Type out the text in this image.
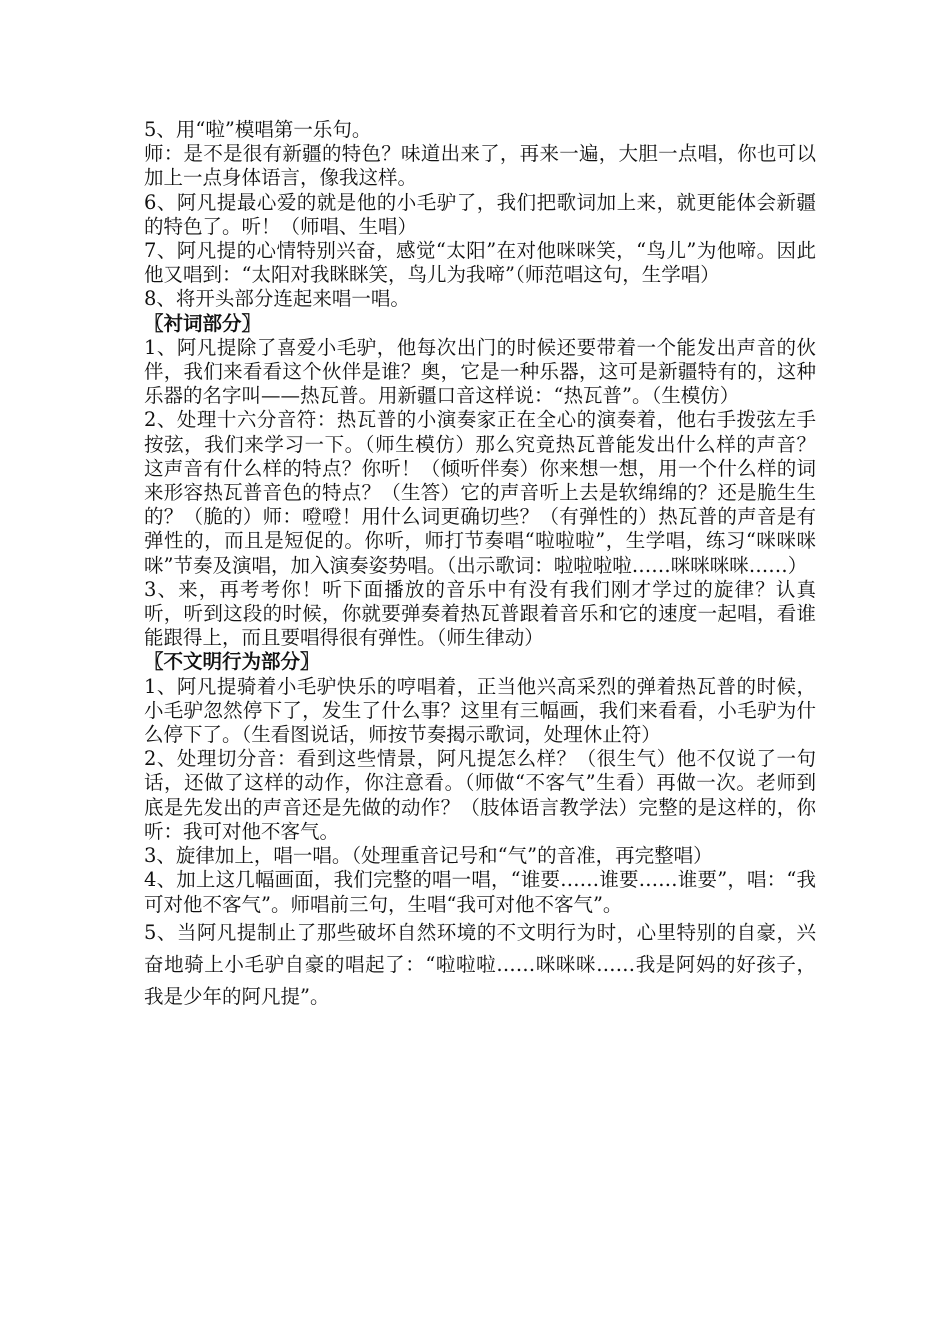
5、用“啦”模唱第一乐句。

师：是不是很有新疆的特色？味道出来了，再来一遍，大胆一点唱，你也可以加上一点身体语言，像我这样。

6、阿凡提最心爱的就是他的小毛驴了，我们把歌词加上来，就更能体会新疆的特色了。听！（师唱、生唱）

7、阿凡提的心情特别兴奋，感觉“太阳”在对他咪咪笑，“鸟儿”为他啼。因此他又唱到：“太阳对我眯眯笑，鸟儿为我啼”（师范唱这句，生学唱）

8、将开头部分连起来唱一唱。

〖衬词部分〗

1、阿凡提除了喜爱小毛驴，他每次出门的时候还要带着一个能发出声音的伙伴，我们来看看这个伙伴是谁？奥，它是一种乐器，这可是新疆特有的，这种乐器的名字叫——热瓦普。用新疆口音这样说：“热瓦普”。（生模仿）

2、处理十六分音符：热瓦普的小演奏家正在全心的演奏着，他右手拨弦左手按弦，我们来学习一下。（师生模仿）那么究竟热瓦普能发出什么样的声音？这声音有什么样的特点？你听！（倾听伴奏）你来想一想，用一个什么样的词来形容热瓦普音色的特点？（生答）它的声音听上去是软绵绵的？还是脆生生的？（脆的）师：噔噔！用什么词更确切些？（有弹性的）热瓦普的声音是有弹性的，而且是短促的。你听，师打节奏唱“啦啦啦”，生学唱，练习“咪咪咪咪”节奏及演唱，加入演奏姿势唱。（出示歌词：啦啦啦啦……咪咪咪咪……）

3、来，再考考你！听下面播放的音乐中有没有我们刚才学过的旋律？认真听，听到这段的时候，你就要弹奏着热瓦普跟着音乐和它的速度一起唱，看谁能跟得上，而且要唱得很有弹性。（师生律动）

〖不文明行为部分〗

1、阿凡提骑着小毛驴快乐的哼唱着，正当他兴高采烈的弹着热瓦普的时候，小毛驴忽然停下了，发生了什么事？这里有三幅画，我们来看看，小毛驴为什么停下了。（生看图说话，师按节奏揭示歌词，处理休止符）

2、处理切分音：看到这些情景，阿凡提怎么样？（很生气）他不仅说了一句话，还做了这样的动作，你注意看。（师做“不客气”生看）再做一次。老师到底是先发出的声音还是先做的动作？（肢体语言教学法）完整的是这样的，你听：我可对他不客气。

3、旋律加上，唱一唱。（处理重音记号和“气”的音准，再完整唱）

4、加上这几幅画面，我们完整的唱一唱，“谁要……谁要……谁要”，唱：“我可对他不客气”。师唱前三句，生唱“我可对他不客气”。

5、当阿凡提制止了那些破坏自然环境的不文明行为时，心里特别的自豪，兴奋地骑上小毛驴自豪的唱起了：“啦啦啦……咪咪咪……我是阿妈的好孩子，我是少年的阿凡提”。
